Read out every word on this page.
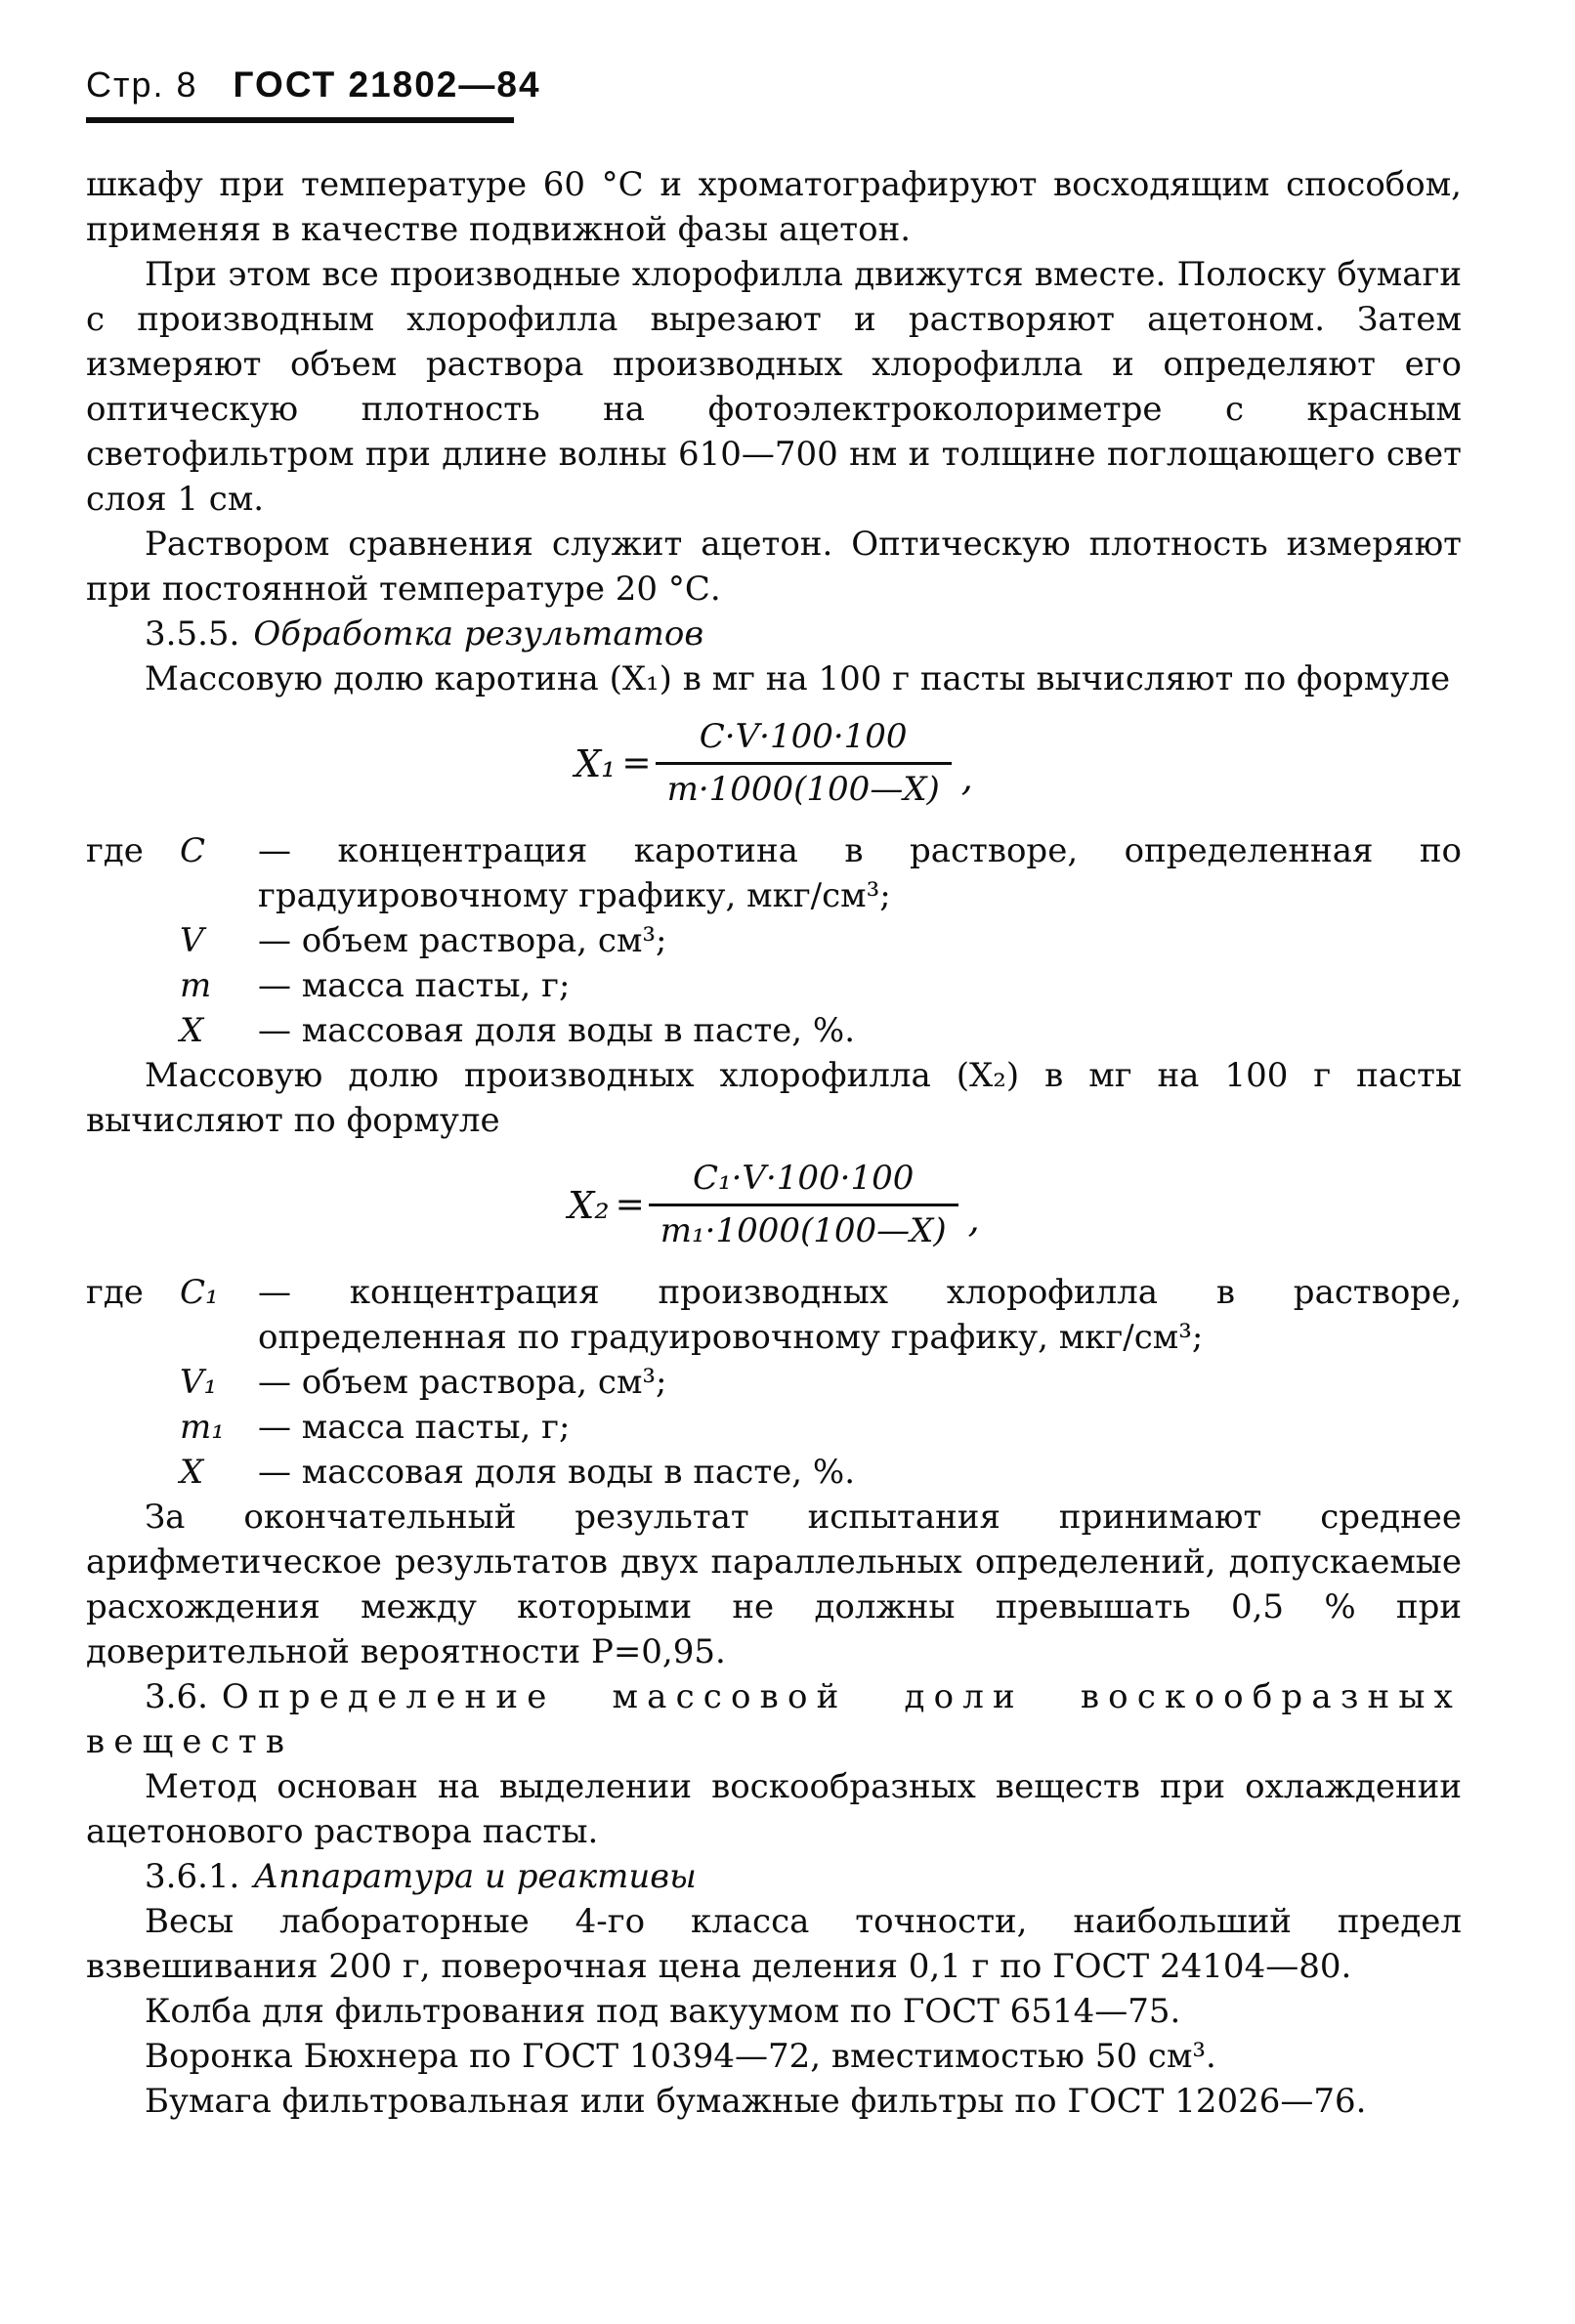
Стр. 8 ГОСТ 21802—84

шкафу при температуре 60 °С и хроматографируют восходящим способом, применяя в качестве подвижной фазы ацетон.

При этом все производные хлорофилла движутся вместе. Полоску бумаги с производным хлорофилла вырезают и растворяют ацетоном. Затем измеряют объем раствора производных хлорофилла и определяют его оптическую плотность на фотоэлектроколориметре с красным светофильтром при длине волны 610—700 нм и толщине поглощающего свет слоя 1 см.

Раствором сравнения служит ацетон. Оптическую плотность измеряют при постоянной температуре 20 °С.

3.5.5. Обработка результатов

Массовую долю каротина (X₁) в мг на 100 г пасты вычисляют по формуле

$X_1 = \frac{C\cdot V\cdot 100\cdot 100}{m\cdot 1000(100—X)}$ ,
где	C	— концентрация каротина в растворе, определенная по градуировочному графику, мкг/см³;
V	— объем раствора, см³;
m	— масса пасты, г;
X	— массовая доля воды в пасте, %.

Массовую долю производных хлорофилла (X₂) в мг на 100 г пасты вычисляют по формуле

$X_2 = \frac{\text{C₁·V·100·100}}{\text{m₁·1000(100—X)}}$ ,
где	C₁	— концентрация производных хлорофилла в растворе, определенная по градуировочному графику, мкг/см³;
V₁	— объем раствора, см³;
m₁	— масса пасты, г;
X	— массовая доля воды в пасте, %.

За окончательный результат испытания принимают среднее арифметическое результатов двух параллельных определений, допускаемые расхождения между которыми не должны превышать 0,5 % при доверительной вероятности Р=0,95.

3.6. Определение массовой доли воскообразных веществ

Метод основан на выделении воскообразных веществ при охлаждении ацетонового раствора пасты.

3.6.1. Аппаратура и реактивы

Весы лабораторные 4-го класса точности, наибольший предел взвешивания 200 г, поверочная цена деления 0,1 г по ГОСТ 24104—80.

Колба для фильтрования под вакуумом по ГОСТ 6514—75.

Воронка Бюхнера по ГОСТ 10394—72, вместимостью 50 см³.

Бумага фильтровальная или бумажные фильтры по ГОСТ 12026—76.
